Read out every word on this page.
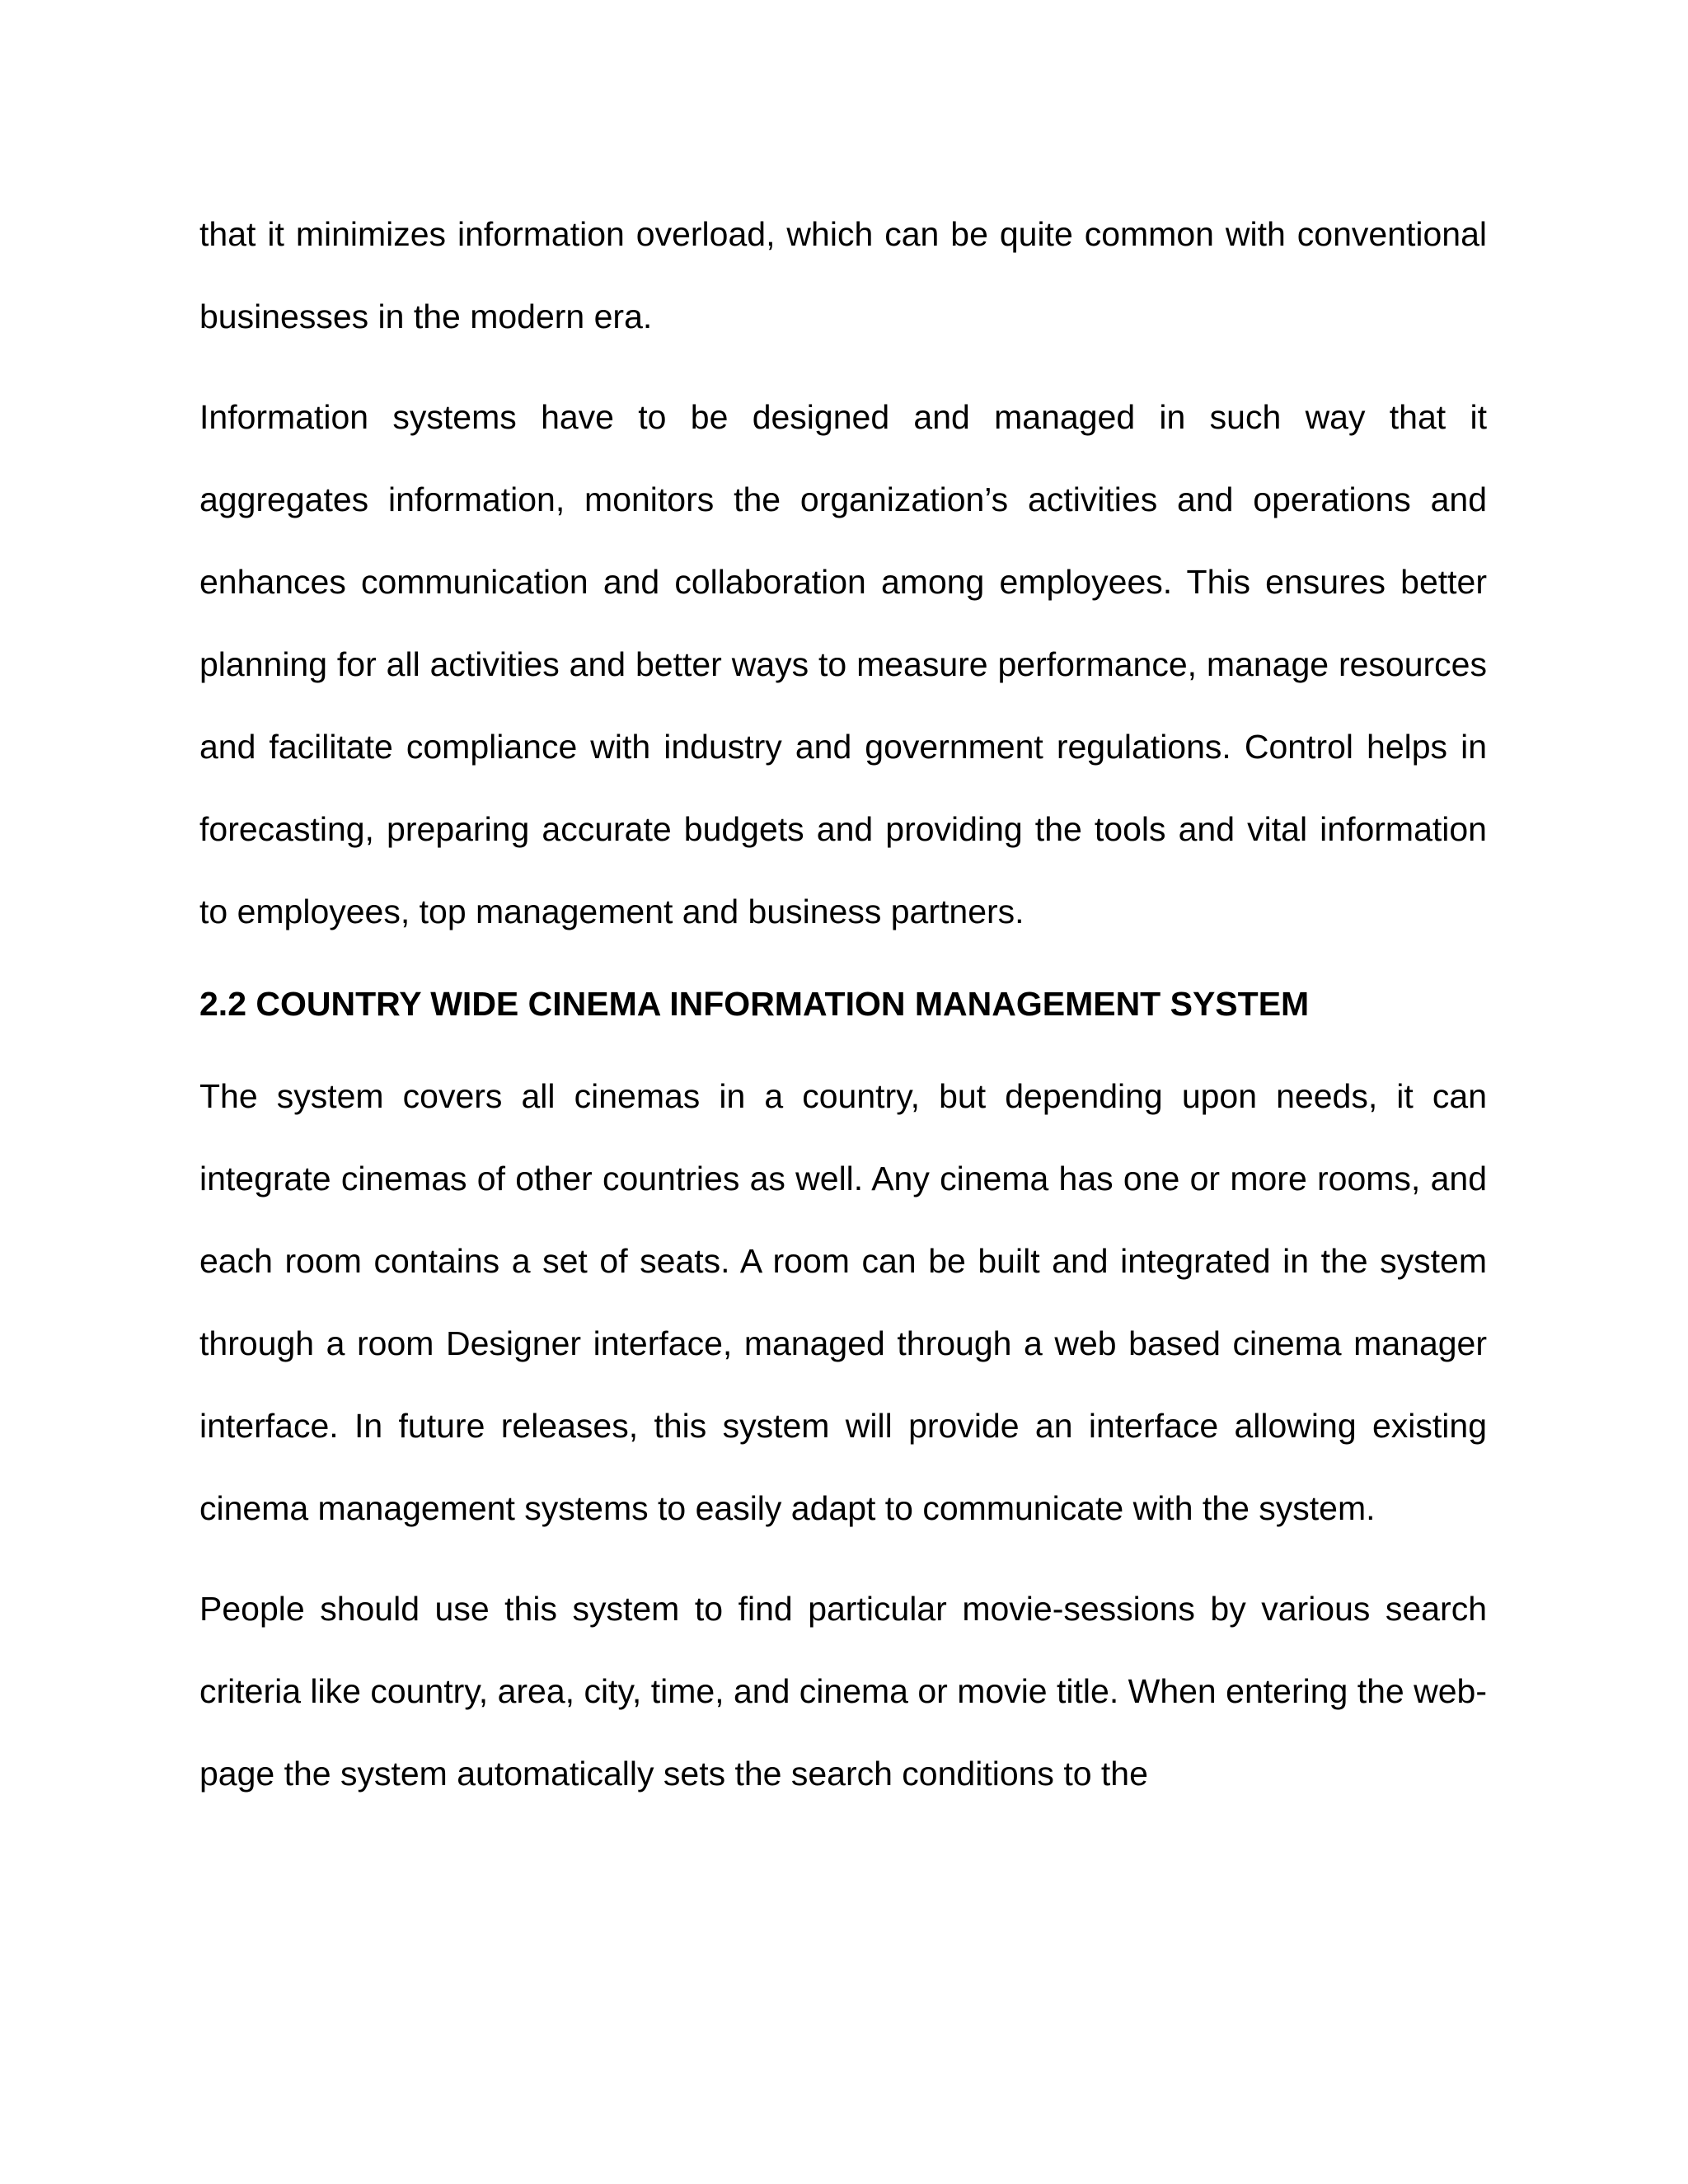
that it minimizes information overload, which can be quite common with conventional businesses in the modern era.

Information systems have to be designed and managed in such way that it aggregates information, monitors the organization’s activities and operations and enhances communication and collaboration among employees. This ensures better planning for all activities and better ways to measure performance, manage resources and facilitate compliance with industry and government regulations. Control helps in forecasting, preparing accurate budgets and providing the tools and vital information to employees, top management and business partners.

2.2 COUNTRY WIDE CINEMA INFORMATION MANAGEMENT SYSTEM

The system covers all cinemas in a country, but depending upon needs, it can integrate cinemas of other countries as well. Any cinema has one or more rooms, and each room contains a set of seats. A room can be built and integrated in the system through a room Designer interface, managed through a web based cinema manager interface. In future releases, this system will provide an interface allowing existing cinema management systems to easily adapt to communicate with the system.

People should use this system to find particular movie-sessions by various search criteria like country, area, city, time, and cinema or movie title. When entering the web-page the system automatically sets the search conditions to the
